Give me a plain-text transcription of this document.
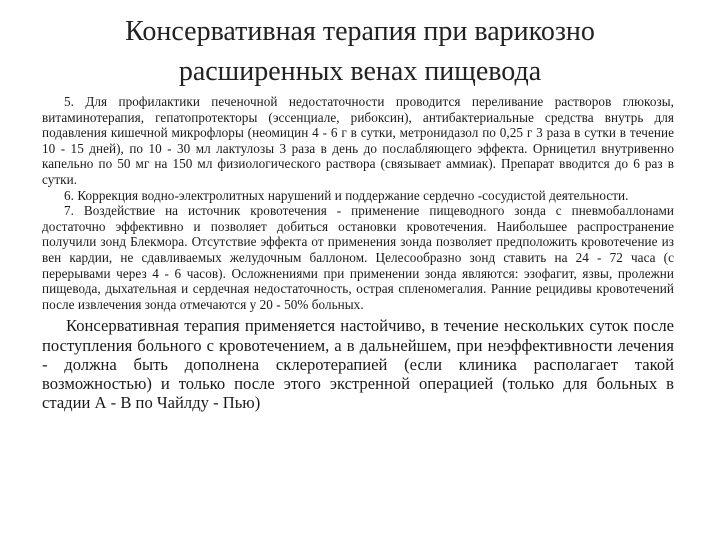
Консервативная терапия при варикозно расширенных венах пищевода

5. Для профилактики печеночной недостаточности проводится переливание растворов глюкозы, витаминотерапия, гепатопротекторы (эссенциале, рибоксин), антибактериальные средства внутрь для подавления кишечной микрофлоры (неомицин 4 - 6 г в сутки, метронидазол по 0,25 г 3 раза в сутки в течение 10 - 15 дней), по 10 - 30 мл лактулозы 3 раза в день до послабляющего эффекта. Орницетил внутривенно капельно по 50 мг на 150 мл физиологического раствора (связывает аммиак). Препарат вводится до 6 раз в сутки.

6. Коррекция водно-электролитных нарушений и поддержание сердечно -сосудистой деятельности.

7. Воздействие на источник кровотечения - применение пищеводного зонда с пневмобаллонами достаточно эффективно и позволяет добиться остановки кровотечения. Наибольшее распространение получили зонд Блекмора. Отсутствие эффекта от применения зонда позволяет предположить кровотечение из вен кардии, не сдавливаемых желудочным баллоном. Целесообразно зонд ставить на 24 - 72 часа (с перерывами через 4 - 6 часов). Осложнениями при применении зонда являются: эзофагит, язвы, пролежни пищевода, дыхательная и сердечная недостаточность, острая спленомегалия. Ранние рецидивы кровотечений после извлечения зонда отмечаются у 20 - 50% больных.

Консервативная терапия применяется настойчиво, в течение нескольких суток после поступления больного с кровотечением, а в дальнейшем, при неэффективности лечения - должна быть дополнена склеротерапией (если клиника располагает такой возможностью) и только после этого экстренной операцией (только для больных в стадии А - В по Чайлду - Пью)
